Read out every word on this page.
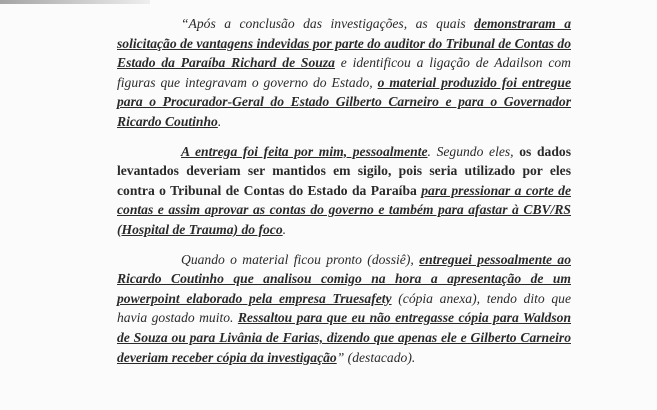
“Após a conclusão das investigações, as quais demonstraram a solicitação de vantagens indevidas por parte do auditor do Tribunal de Contas do Estado da Paraíba Richard de Souza e identificou a ligação de Adailson com figuras que integravam o governo do Estado, o material produzido foi entregue para o Procurador-Geral do Estado Gilberto Carneiro e para o Governador Ricardo Coutinho.

A entrega foi feita por mim, pessoalmente. Segundo eles, os dados levantados deveriam ser mantidos em sigilo, pois seria utilizado por eles contra o Tribunal de Contas do Estado da Paraíba para pressionar a corte de contas e assim aprovar as contas do governo e também para afastar à CBV/RS (Hospital de Trauma) do foco.

Quando o material ficou pronto (dossiê), entreguei pessoalmente ao Ricardo Coutinho que analisou comigo na hora a apresentação de um powerpoint elaborado pela empresa Truesafety (cópia anexa), tendo dito que havia gostado muito. Ressaltou para que eu não entregasse cópia para Waldson de Souza ou para Livânia de Farias, dizendo que apenas ele e Gilberto Carneiro deveriam receber cópia da investigação” (destacado).
